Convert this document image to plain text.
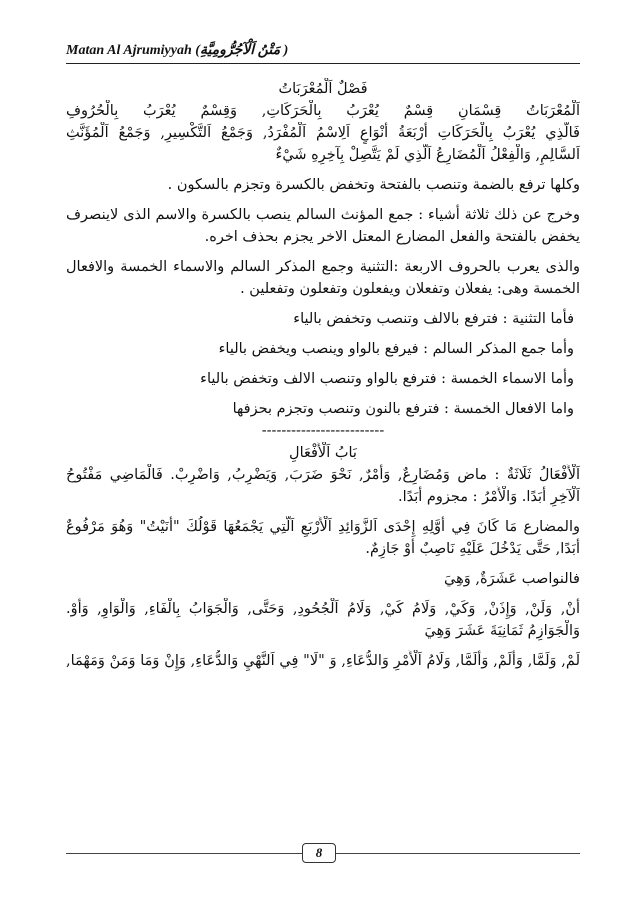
Matan Al Ajrumiyyah (مَتْنُ اَلْآجُرُّومِيَّةِ )
فَصْلٌ اَلْمُعْرَبَاتُ
اَلْمُعْرَبَاتُ قِسْمَانِ قِسْمٌ يُعْرَبُ بِالْحَرَكَاتِ, وَقِسْمٌ يُعْرَبُ بِالْحُرُوفِ
فَالَّذِي يُعْرَبُ بِالْحَرَكَاتِ أَرْبَعَةُ أَنْوَاعٍ اَلِاسْمُ اَلْمُفْرَدُ, وَجَمْعُ اَلتَّكْسِيرِ, وَجَمْعُ اَلْمُؤَنَّثِ
اَلسَّالِمِ, وَالْفِعْلُ اَلْمُضَارِعُ اَلَّذِي لَمْ يَتَّصِلْ بِآخِرِهِ شَيْءٌ
وكلها ترفع بالضمة وتنصب بالفتحة وتخفض بالكسرة وتجزم بالسكون .
وخرج عن ذلك ثلاثة أشياء : جمع المؤنث السالم ينصب بالكسرة والاسم الذى لاينصرف
يخفض بالفتحة والفعل المضارع المعتل الاخر يجزم بحذف اخره.
والذى يعرب بالحروف الاربعة :التثنية وجمع المذكر السالم والاسماء الخمسة والافعال
الخمسة وهى: يفعلان وتفعلان ويفعلون وتفعلون وتفعلين .
فأما التثنية : فترفع بالالف وتنصب وتخفض بالياء
وأما جمع المذكر السالم : فيرفع بالواو وينصب ويخفض بالياء
وأما الاسماء الخمسة : فترفع بالواو وتنصب الالف وتخفض بالياء
واما الافعال الخمسة : فترفع بالنون وتنصب وتجزم بحزفها
-------------------------
بَابُ اَلْأَفْعَالِ
اَلْأَفْعَالُ ثَلَاثَةٌ : ماض وَمُضَارِعٌ, وَأَمْرٌ, نَحْوَ ضَرَبَ, وَيَضْرِبُ, وَاضْرِبْ. فَالْمَاضِي مَفْتُوحُ
اَلْآخِرِ أَبَدًا. وَالْأَمْرُ : مجزوم أَبَدًا.
والمضارع مَا كَانَ فِي أَوَّلِهِ إِحْدَى اَلزَّوَائِدِ اَلْأَرْبَعِ اَلَّتِي يَجْمَعُهَا قَوْلُكَ "أَنَيْتُ" وَهُوَ مَرْفُوعٌ
أَبَدًا, حَتَّى يَدْخُلَ عَلَيْهِ نَاصِبٌ أَوْ جَازِمٌ.
فالنواصب عَشَرَةٌ, وَهِيَ
أَنْ, وَلَنْ, وَإِذَنْ, وَكَيْ, وَلَامُ كَيْ, وَلَامُ اَلْجُحُودِ, وَحَتَّى, وَالْجَوَابُ بِالْفَاءِ, وَالْوَاوِ, وَأَوْ.
وَالْجَوَازِمُ ثَمَانِيَةَ عَشَرَ وَهِيَ
لَمْ, وَلَمَّا, وَأَلَمْ, وَأَلَمَّا, وَلَامُ اَلْأَمْرِ وَالدُّعَاءِ, وَ "لَا" فِي اَلنَّهْيِ وَالدُّعَاءِ, وَإِنْ وَمَا وَمَنْ وَمَهْمَا,
8
